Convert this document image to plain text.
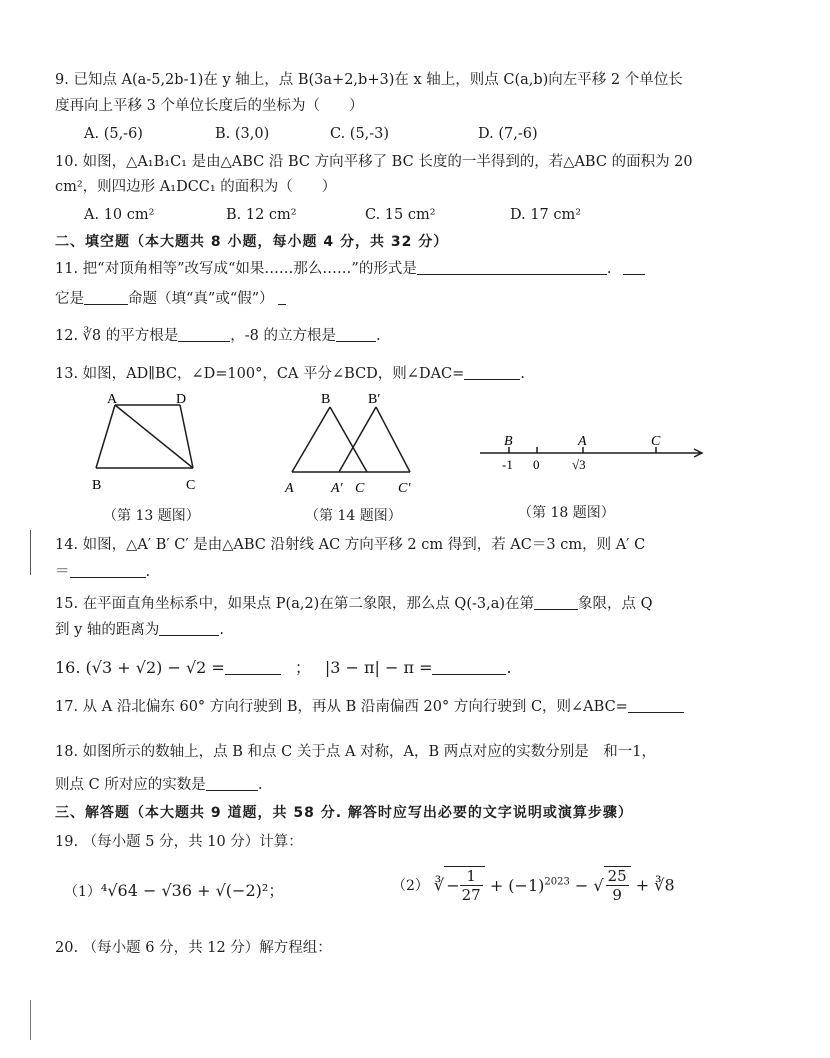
9. 已知点 A(a-5,2b-1)在 y 轴上，点 B(3a+2,b+3)在 x 轴上，则点 C(a,b)向左平移 2 个单位长
度再向上平移 3 个单位长度后的坐标为（　　）
A. (5,-6)	B. (3,0)	C. (5,-3)	D. (7,-6)
10. 如图，△A₁B₁C₁ 是由△ABC 沿 BC 方向平移了 BC 长度的一半得到的，若△ABC 的面积为 20
cm²，则四边形 A₁DCC₁ 的面积为（　　）
A. 10 cm²	B. 12 cm²	C. 15 cm²	D. 17 cm²
二、填空题（本大题共 8 小题，每小题 4 分，共 32 分）
11. 把“对顶角相等”改写成“如果……那么……”的形式是	.
它是	命题（填“真”或“假”）
12. ∛8 的平方根是	，-8 的立方根是	.
13. 如图，AD∥BC，∠D=100°，CA 平分∠BCD，则∠DAC=	.
A	D
B	C
B	B′
A	A′ C C′
B	A	C
-1 0	√3
（第 13 题图）	（第 14 题图）	（第 18 题图）
14. 如图，△A′ B′ C′ 是由△ABC 沿射线 AC 方向平移 2 cm 得到，若 AC＝3 cm，则 A′ C
＝	.
15. 在平面直角坐标系中，如果点 P(a,2)在第二象限，那么点 Q(-3,a)在第	象限，点 Q
到 y 轴的距离为	.
16. (√3 + √2) − √2 =	； |3 − π| − π =	.
17. 从 A 沿北偏东 60° 方向行驶到 B，再从 B 沿南偏西 20° 方向行驶到 C，则∠ABC=
18. 如图所示的数轴上，点 B 和点 C 关于点 A 对称，A，B 两点对应的实数分别是　和一1，
则点 C 所对应的实数是	.
三、解答题（本大题共 9 道题，共 58 分. 解答时应写出必要的文字说明或演算步骤）
19. （每小题 5 分，共 10 分）计算：
（1）⁴√64 − √36 + √(−2)²；	（2） ∛ − $\frac{1}{27} + (-1)^{2023}$ − √ $\frac{25}{9}$ + ∛8
20. （每小题 6 分，共 12 分）解方程组：
